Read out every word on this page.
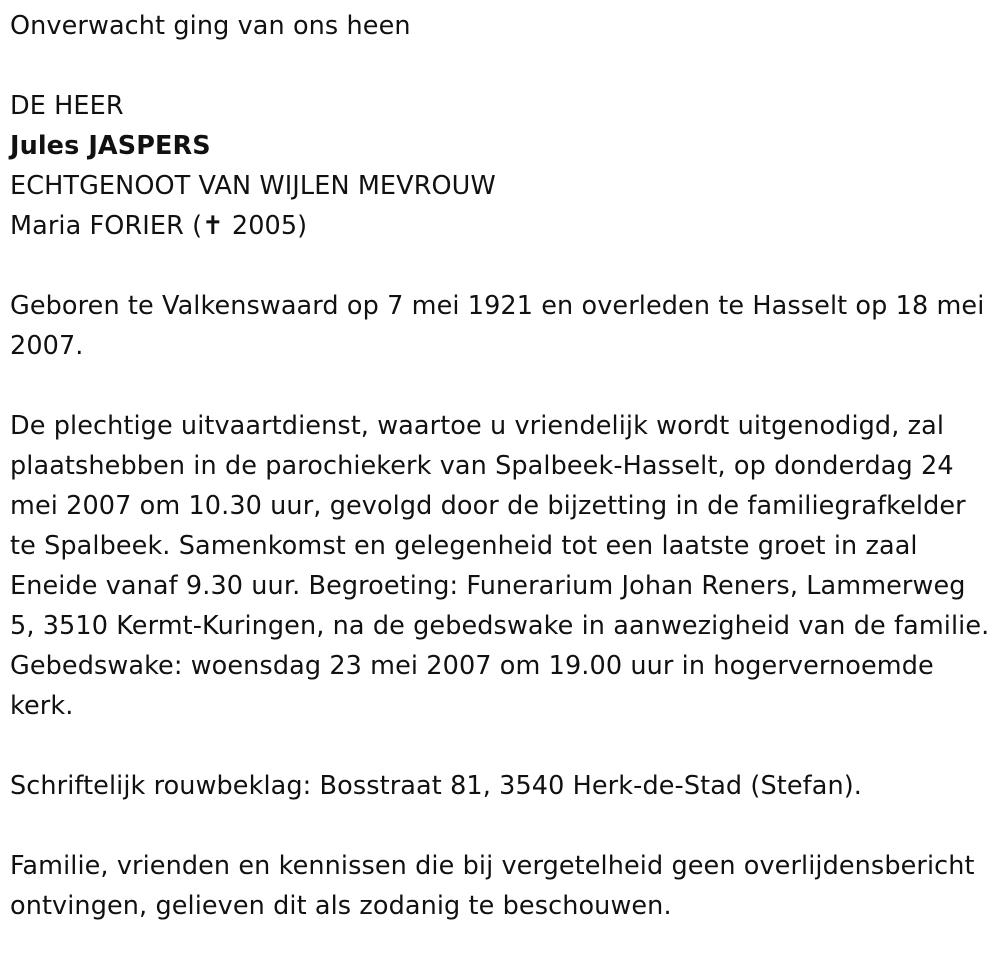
Onverwacht ging van ons heen
DE HEER
Jules JASPERS
ECHTGENOOT VAN WIJLEN MEVROUW
Maria FORIER (✝ 2005)

Geboren te Valkenswaard op 7 mei 1921 en overleden te Hasselt op 18 mei 2007.

De plechtige uitvaartdienst, waartoe u vriendelijk wordt uitgenodigd, zal plaatshebben in de parochiekerk van Spalbeek-Hasselt, op donderdag 24 mei 2007 om 10.30 uur, gevolgd door de bijzetting in de familiegrafkelder te Spalbeek. Samenkomst en gelegenheid tot een laatste groet in zaal Eneide vanaf 9.30 uur. Begroeting: Funerarium Johan Reners, Lammerweg 5, 3510 Kermt-Kuringen, na de gebedswake in aanwezigheid van de familie. Gebedswake: woensdag 23 mei 2007 om 19.00 uur in hogervernoemde kerk.

Schriftelijk rouwbeklag: Bosstraat 81, 3540 Herk-de-Stad (Stefan).

Familie, vrienden en kennissen die bij vergetelheid geen overlijdensbericht ontvingen, gelieven dit als zodanig te beschouwen.
